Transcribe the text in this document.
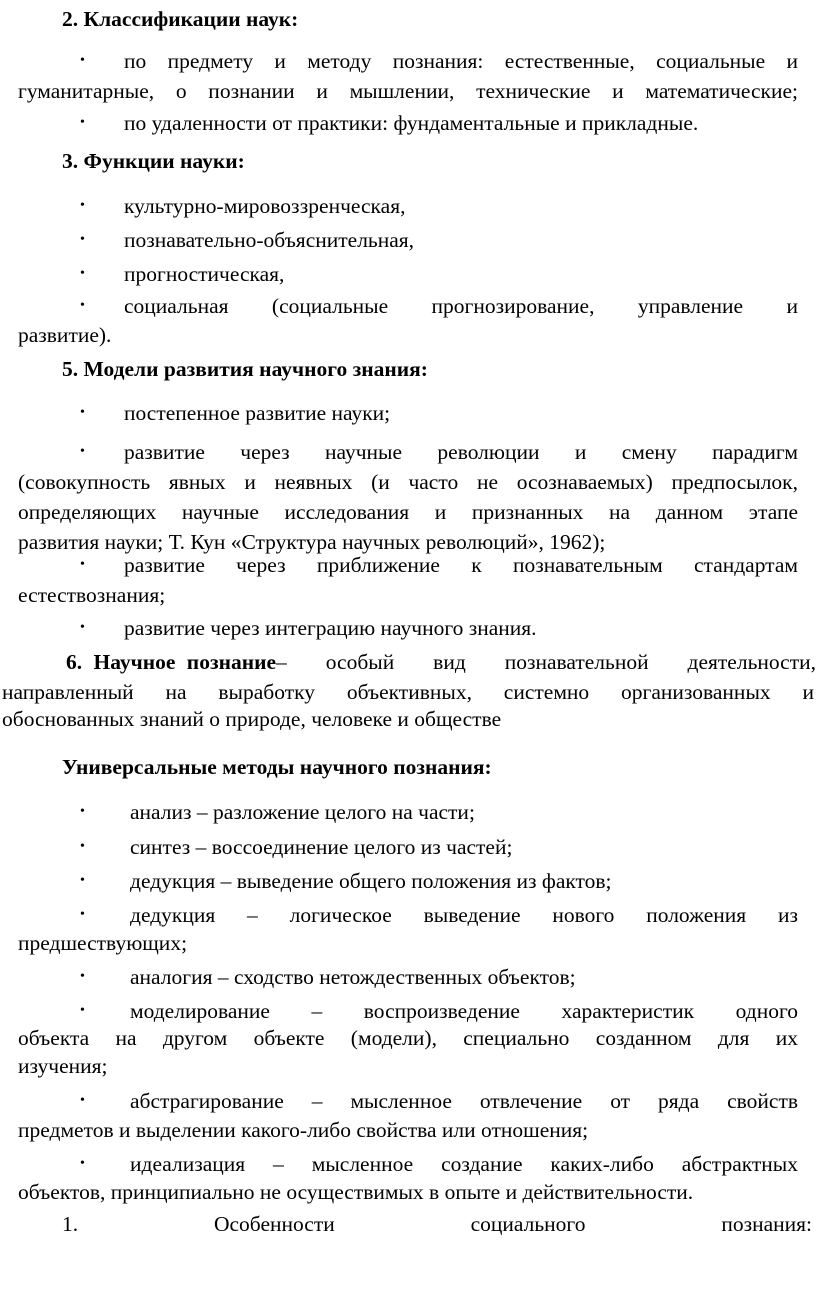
2. Классификации наук:
• по предмету и методу познания: естественные, социальные и
гуманитарные, о познании и мышлении, технические и математические;
• по удаленности от практики: фундаментальные и прикладные.
3. Функции науки:
• культурно-мировоззренческая,
• познавательно-объяснительная,
• прогностическая,
• социальная (социальные прогнозирование, управление и
развитие).
5. Модели развития научного знания:
• постепенное развитие науки;
• развитие через научные революции и смену парадигм
(совокупность явных и неявных (и часто не осознаваемых) предпосылок,
определяющих научные исследования и признанных на данном этапе
развития науки; Т. Кун «Структура научных революций», 1962);
• развитие через приближение к познавательным стандартам
естествознания;
• развитие через интеграцию научного знания.
6. Научное познание – особый вид познавательной деятельности,
направленный на выработку объективных, системно организованных и
обоснованных знаний о природе, человеке и обществе
Универсальные методы научного познания:
• анализ – разложение целого на части;
• синтез – воссоединение целого из частей;
• дедукция – выведение общего положения из фактов;
• дедукция – логическое выведение нового положения из
предшествующих;
• аналогия – сходство нетождественных объектов;
• моделирование – воспроизведение характеристик одного
объекта на другом объекте (модели), специально созданном для их
изучения;
• абстрагирование – мысленное отвлечение от ряда свойств
предметов и выделении какого-либо свойства или отношения;
• идеализация – мысленное создание каких-либо абстрактных
объектов, принципиально не осуществимых в опыте и действительности.
1.	Особенности	социального	познания:
